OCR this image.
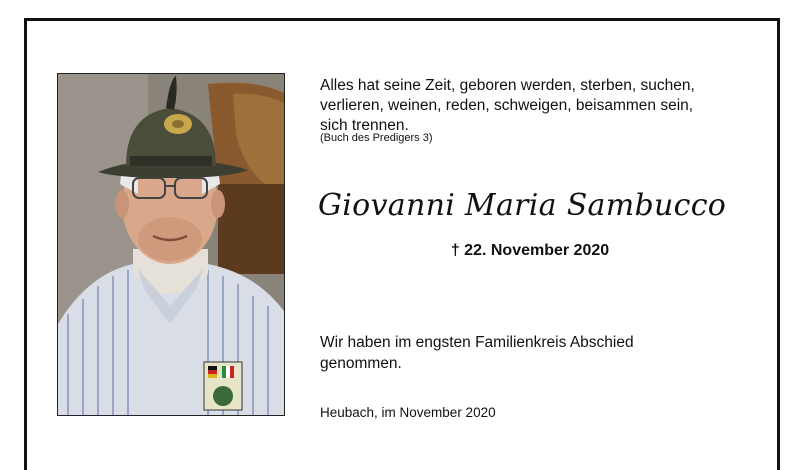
Alles hat seine Zeit, geboren werden, sterben, suchen,
verlieren, weinen, reden, schweigen, beisammen sein,
sich trennen.
(Buch des Predigers 3)
Giovanni Maria Sambucco
† 22. November 2020
Wir haben im engsten Familienkreis Abschied
genommen.
Heubach, im November 2020
